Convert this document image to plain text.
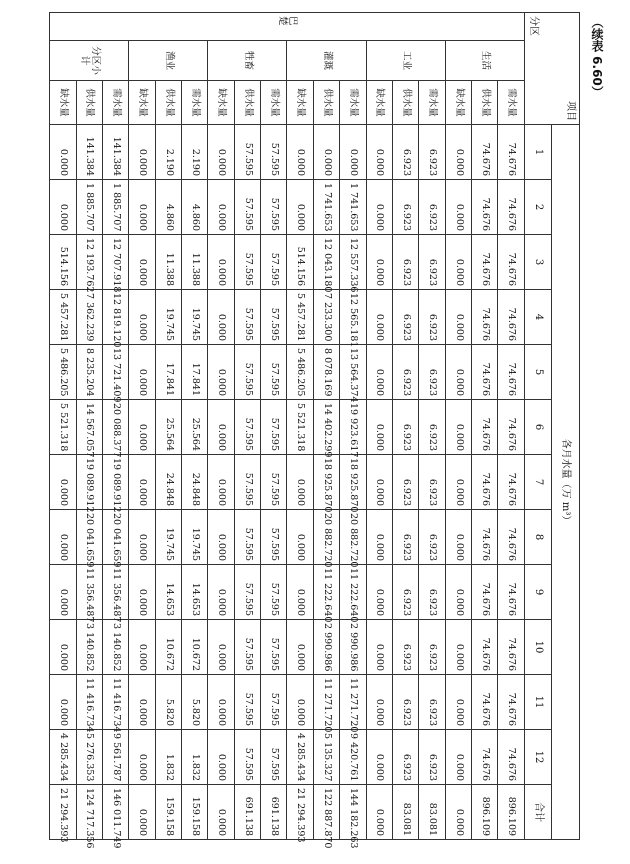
（续表 6.60）
项目
分区			各月水量（万 m³）												
			1	2	3	4	5	6	7	8	9	10	11	12	合计
巴楚	生活	需水量	74.676	74.676	74.676	74.676	74.676	74.676	74.676	74.676	74.676	74.676	74.676	74.676	896.109
		供水量	74.676	74.676	74.676	74.676	74.676	74.676	74.676	74.676	74.676	74.676	74.676	74.676	896.109
		缺水量	0.000	0.000	0.000	0.000	0.000	0.000	0.000	0.000	0.000	0.000	0.000	0.000	0.000
	工业	需水量	6.923	6.923	6.923	6.923	6.923	6.923	6.923	6.923	6.923	6.923	6.923	6.923	83.081
		供水量	6.923	6.923	6.923	6.923	6.923	6.923	6.923	6.923	6.923	6.923	6.923	6.923	83.081
		缺水量	0.000	0.000	0.000	0.000	0.000	0.000	0.000	0.000	0.000	0.000	0.000	0.000	0.000
	灌溉	需水量	0.000	1 741.653	12 557.336	12 565.181	13 564.374	19 923.617	18 925.870	20 882.720	11 222.640	2 990.986	11 271.720	9 420.761	144 182.263
		供水量	0.000	1 741.653	12 043.180	7 233.300	8 078.169	14 402.299	18 925.870	20 882.720	11 222.640	2 990.986	11 271.720	5 135.327	122 887.870
		缺水量	0.000	0.000	514.156	5 457.281	5 486.205	5 521.318	0.000	0.000	0.000	0.000	0.000	4 285.434	21 294.393
	牲畜	需水量	57.595	57.595	57.595	57.595	57.595	57.595	57.595	57.595	57.595	57.595	57.595	57.595	691.138
		供水量	57.595	57.595	57.595	57.595	57.595	57.595	57.595	57.595	57.595	57.595	57.595	57.595	691.138
		缺水量	0.000	0.000	0.000	0.000	0.000	0.000	0.000	0.000	0.000	0.000	0.000	0.000	0.000
	渔业	需水量	2.190	4.860	11.388	19.745	17.841	25.564	24.848	19.745	14.653	10.672	5.820	1.832	159.158
		供水量	2.190	4.860	11.388	19.745	17.841	25.564	24.848	19.745	14.653	10.672	5.820	1.832	159.158
		缺水量	0.000	0.000	0.000	0.000	0.000	0.000	0.000	0.000	0.000	0.000	0.000	0.000	0.000
	分区小计	需水量	141.384	1 885.707	12 707.918	12 819.120	13 721.409	20 088.377	19 089.912	20 041.659	11 356.487	3 140.852	11 416.734	9 561.787	146 011.749
		供水量	141.384	1 885.707	12 193.762	7 362.239	8 235.204	14 567.057	19 089.912	20 041.659	11 356.487	3 140.852	11 416.734	5 276.353	124 717.356
		缺水量	0.000	0.000	514.156	5 457.281	5 486.205	5 521.318	0.000	0.000	0.000	0.000	0.000	4 285.434	21 294.393
